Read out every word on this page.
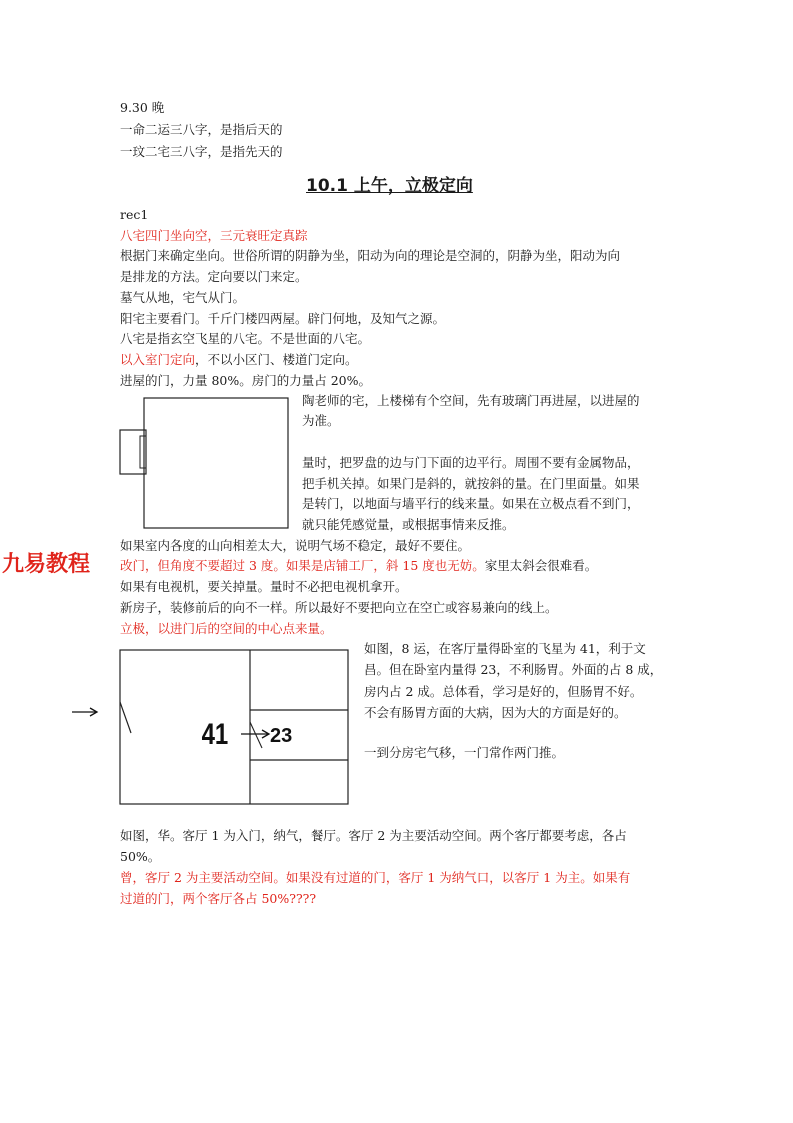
9.30 晚
一命二运三八字，是指后天的
一玟二宅三八字，是指先天的
10.1 上午，立极定向
rec1
八宅四门坐向空，三元衰旺定真踪
根据门来确定坐向。世俗所谓的阴静为坐，阳动为向的理论是空洞的，阴静为坐，阳动为向
是排龙的方法。定向要以门来定。
墓气从地，宅气从门。
阳宅主要看门。千斤门楼四两屋。辟门何地，及知气之源。
八宅是指玄空飞星的八宅。不是世面的八宅。
以入室门定向，不以小区门、楼道门定向。
进屋的门，力量 80%。房门的力量占 20%。
陶老师的宅，上楼梯有个空间，先有玻璃门再进屋，以进屋的
为准。
量时，把罗盘的边与门下面的边平行。周围不要有金属物品，
把手机关掉。如果门是斜的，就按斜的量。在门里面量。如果
是转门，以地面与墙平行的线来量。如果在立极点看不到门，
就只能凭感觉量，或根据事情来反推。
九易教程
如果室内各度的山向相差太大，说明气场不稳定，最好不要住。
改门，但角度不要超过 3 度。如果是店铺工厂，斜 15 度也无妨。家里太斜会很难看。
如果有电视机，要关掉量。量时不必把电视机拿开。
新房子，装修前后的向不一样。所以最好不要把向立在空亡或容易兼向的线上。
立极，以进门后的空间的中心点来量。
如图，8 运，在客厅量得卧室的飞星为 41，利于文
昌。但在卧室内量得 23，不利肠胃。外面的占 8 成，
房内占 2 成。总体看，学习是好的，但肠胃不好。
不会有肠胃方面的大病，因为大的方面是好的。
一到分房宅气移，一门常作两门推。
如图，华。客厅 1 为入门，纳气，餐厅。客厅 2 为主要活动空间。两个客厅都要考虑，各占
50%。
曾，客厅 2 为主要活动空间。如果没有过道的门，客厅 1 为纳气口，以客厅 1 为主。如果有
过道的门，两个客厅各占 50%????
41 23
